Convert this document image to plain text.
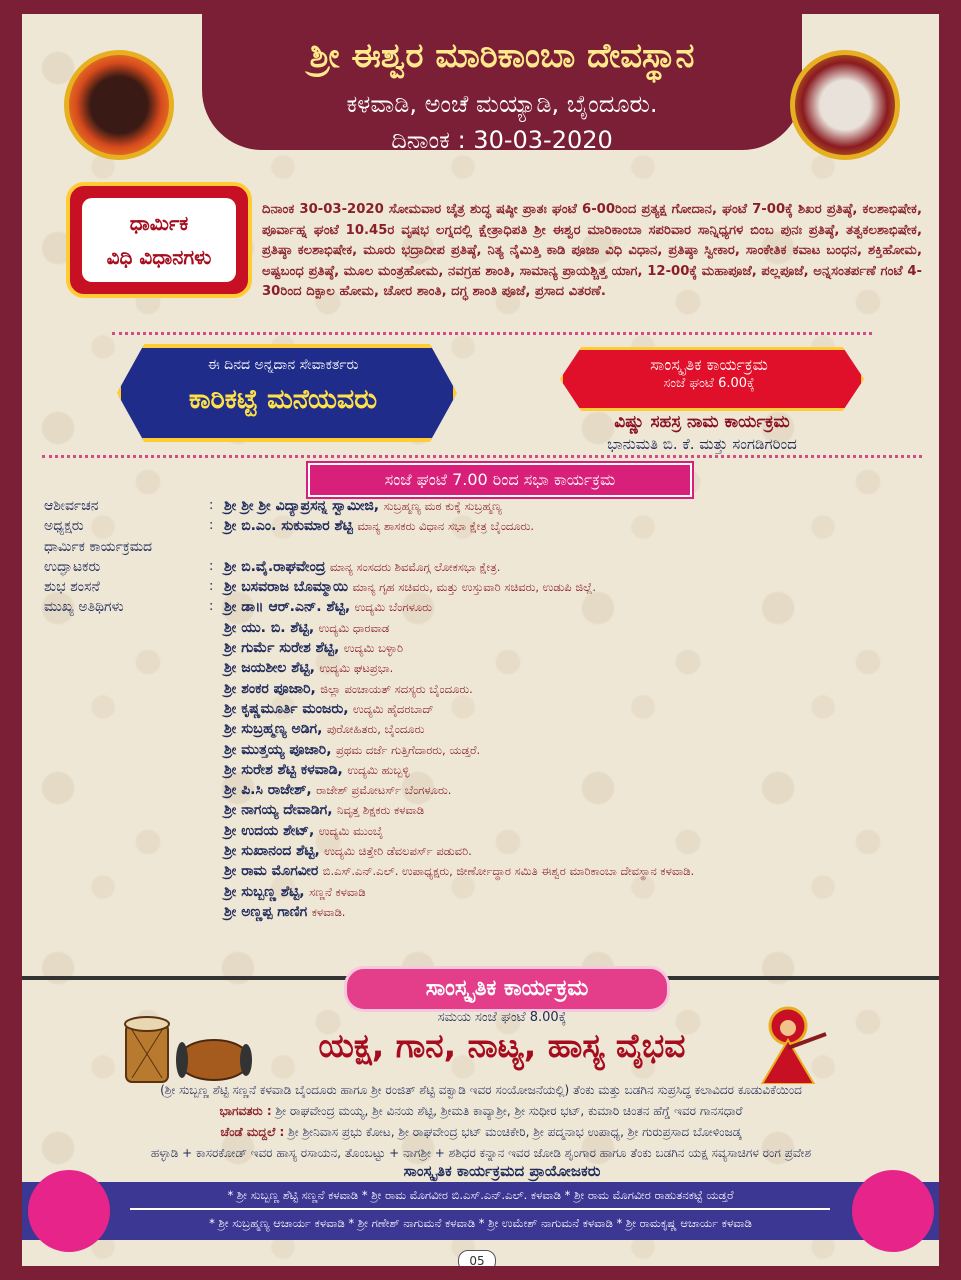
ಶ್ರೀ ಈಶ್ವರ ಮಾರಿಕಾಂಬಾ ದೇವಸ್ಥಾನ
ಕಳವಾಡಿ, ಅಂಚೆ ಮಯ್ಯಾಡಿ, ಬೈಂದೂರು.
ದಿನಾಂಕ : 30-03-2020
ಧಾರ್ಮಿಕ
ವಿಧಿ ವಿಧಾನಗಳು
ದಿನಾಂಕ 30-03-2020 ಸೋಮವಾರ ಚೈತ್ರ ಶುದ್ಧ ಷಷ್ಠೀ ಪ್ರಾತಃ ಘಂಟೆ 6-00ರಿಂದ ಪ್ರತ್ಯಕ್ಷ ಗೋದಾನ, ಘಂಟೆ 7-00ಕ್ಕೆ ಶಿಖರ ಪ್ರತಿಷ್ಠೆ, ಕಲಶಾಭಿಷೇಕ, ಪೂರ್ವಾಹ್ನ ಘಂಟೆ 10.45ರ ವೃಷಭ ಲಗ್ನದಲ್ಲಿ ಕ್ಷೇತ್ರಾಧಿಪತಿ ಶ್ರೀ ಈಶ್ವರ ಮಾರಿಕಾಂಬಾ ಸಪರಿವಾರ ಸಾನ್ನಿಧ್ಯಗಳ ಬಿಂಬ ಪುನಃ ಪ್ರತಿಷ್ಠೆ, ತತ್ವಕಲಶಾಭಿಷೇಕ, ಪ್ರತಿಷ್ಠಾ ಕಲಶಾಭಿಷೇಕ, ಮೂರು ಭದ್ರಾದೀಪ ಪ್ರತಿಷ್ಠೆ, ನಿತ್ಯ ನೈಮಿತ್ತಿ ಕಾಡಿ ಪೂಜಾ ವಿಧಿ ವಿಧಾನ, ಪ್ರತಿಷ್ಠಾ ಸ್ವೀಕಾರ, ಸಾಂಕೇತಿಕ ಕವಾಟ ಬಂಧನ, ಶಕ್ತಿಹೋಮ, ಅಷ್ಟಬಂಧ ಪ್ರತಿಷ್ಠೆ, ಮೂಲ ಮಂತ್ರಹೋಮ, ನವಗ್ರಹ ಶಾಂತಿ, ಸಾಮಾನ್ಯ ಪ್ರಾಯಶ್ಚಿತ್ತ ಯಾಗ, 12-00ಕ್ಕೆ ಮಹಾಪೂಜೆ, ಪಲ್ಲಪೂಜೆ, ಅನ್ನಸಂತರ್ಪಣೆ ಗಂಟೆ 4-30ರಿಂದ ದಿಕ್ಪಾಲ ಹೋಮ, ಚೋರ ಶಾಂತಿ, ದಗ್ಧ ಶಾಂತಿ ಪೂಜೆ, ಪ್ರಸಾದ ವಿತರಣೆ.
ಈ ದಿನದ ಅನ್ನದಾನ ಸೇವಾಕರ್ತರು
ಕಾರಿಕಟ್ಟೆ ಮನೆಯವರು
ಸಾಂಸ್ಕೃತಿಕ ಕಾರ್ಯಕ್ರಮ
ಸಂಜೆ ಘಂಟೆ 6.00ಕ್ಕೆ
ವಿಷ್ಣು ಸಹಸ್ರ ನಾಮ ಕಾರ್ಯಕ್ರಮ
ಭಾನುಮತಿ ಬಿ. ಕೆ. ಮತ್ತು ಸಂಗಡಿಗರಿಂದ
ಸಂಜೆ ಘಂಟೆ 7.00 ರಿಂದ ಸಭಾ ಕಾರ್ಯಕ್ರಮ
ಆಶೀರ್ವಚನ	: ಶ್ರೀ ಶ್ರೀ ಶ್ರೀ ವಿದ್ಯಾಪ್ರಸನ್ನ ಸ್ವಾಮೀಜಿ, ಸುಬ್ರಹ್ಮಣ್ಯ ಮಠ ಕುಕ್ಕೆ ಸುಬ್ರಹ್ಮಣ್ಯ
ಅಧ್ಯಕ್ಷರು	: ಶ್ರೀ ಬಿ.ಎಂ. ಸುಕುಮಾರ ಶೆಟ್ಟಿ ಮಾನ್ಯ ಶಾಸಕರು ವಿಧಾನ ಸಭಾ ಕ್ಷೇತ್ರ ಬೈಂದೂರು.
ಧಾರ್ಮಿಕ ಕಾರ್ಯಕ್ರಮದ
ಉದ್ಘಾಟಕರು	: ಶ್ರೀ ಬಿ.ವೈ.ರಾಘವೇಂದ್ರ ಮಾನ್ಯ ಸಂಸದರು ಶಿವಮೊಗ್ಗ ಲೋಕಸಭಾ ಕ್ಷೇತ್ರ.
ಶುಭ ಶಂಸನೆ	: ಶ್ರೀ ಬಸವರಾಜ ಬೊಮ್ಮಾಯಿ ಮಾನ್ಯ ಗೃಹ ಸಚಿವರು, ಮತ್ತು ಉಸ್ತುವಾರಿ ಸಚಿವರು, ಉಡುಪಿ ಜಿಲ್ಲೆ.
ಮುಖ್ಯ ಅತಿಥಿಗಳು	: ಶ್ರೀ ಡಾ॥ ಆರ್.ಎನ್. ಶೆಟ್ಟಿ, ಉದ್ಯಮಿ ಬೆಂಗಳೂರು
ಶ್ರೀ ಯು. ಬಿ. ಶೆಟ್ಟಿ, ಉದ್ಯಮಿ ಧಾರವಾಡ
ಶ್ರೀ ಗುರ್ಮೆ ಸುರೇಶ ಶೆಟ್ಟಿ, ಉದ್ಯಮಿ ಬಳ್ಳಾರಿ
ಶ್ರೀ ಜಯಶೀಲ ಶೆಟ್ಟಿ, ಉದ್ಯಮಿ ಘಟಪ್ರಭಾ.
ಶ್ರೀ ಶಂಕರ ಪೂಜಾರಿ, ಜಿಲ್ಲಾ ಪಂಚಾಯತ್ ಸದಸ್ಯರು ಬೈಂದೂರು.
ಶ್ರೀ ಕೃಷ್ಣಮೂರ್ತಿ ಮಂಜರು, ಉದ್ಯಮಿ ಹೈದರಬಾದ್
ಶ್ರೀ ಸುಬ್ರಹ್ಮಣ್ಯ ಅಡಿಗ, ಪುರೋಹಿತರು, ಬೈಂದೂರು
ಶ್ರೀ ಮುತ್ತಯ್ಯ ಪೂಜಾರಿ, ಪ್ರಥಮ ದರ್ಜೆ ಗುತ್ತಿಗೆದಾರರು, ಯಡ್ತರೆ.
ಶ್ರೀ ಸುರೇಶ ಶೆಟ್ಟಿ ಕಳವಾಡಿ, ಉದ್ಯಮಿ ಹುಬ್ಬಳ್ಳಿ
ಶ್ರೀ ಪಿ.ಸಿ ರಾಜೇಶ್, ರಾಜೇಶ್ ಪ್ರಮೋಟರ್ಸ್ ಬೆಂಗಳೂರು.
ಶ್ರೀ ನಾಗಯ್ಯ ದೇವಾಡಿಗ, ನಿವೃತ್ತ ಶಿಕ್ಷಕರು ಕಳವಾಡಿ
ಶ್ರೀ ಉದಯ ಶೇಟ್, ಉದ್ಯಮಿ ಮುಂಬೈ
ಶ್ರೀ ಸುಖಾನಂದ ಶೆಟ್ಟಿ, ಉದ್ಯಮಿ ಚಿತ್ತೇರಿ ಡೆವಲಪರ್ಸ್ ಪಡುವರಿ.
ಶ್ರೀ ರಾಮ ಮೊಗವೀರ ಬಿ.ಎಸ್.ಎನ್.ಎಲ್. ಉಪಾಧ್ಯಕ್ಷರು, ಜೀರ್ಣೋದ್ಧಾರ ಸಮಿತಿ ಈಶ್ವರ ಮಾರಿಕಾಂಬಾ ದೇವಸ್ಥಾನ ಕಳವಾಡಿ.
ಶ್ರೀ ಸುಬ್ಬಣ್ಣ ಶೆಟ್ಟಿ, ಸಣ್ಣನೆ ಕಳವಾಡಿ
ಶ್ರೀ ಅಣ್ಣಪ್ಪ ಗಾಣಿಗ ಕಳವಾಡಿ.
ಸಾಂಸ್ಕೃತಿಕ ಕಾರ್ಯಕ್ರಮ
ಸಮಯ ಸಂಜೆ ಘಂಟೆ 8.00ಕ್ಕೆ
ಯಕ್ಷ, ಗಾನ, ನಾಟ್ಯ, ಹಾಸ್ಯ ವೈಭವ
(ಶ್ರೀ ಸುಬ್ಬಣ್ಣ ಶೆಟ್ಟಿ ಸಣ್ಣನೆ ಕಳವಾಡಿ ಬೈಂದೂರು ಹಾಗೂ ಶ್ರೀ ರಂಜಿತ್ ಶೆಟ್ಟಿ ವಕ್ವಾಡಿ ಇವರ ಸಂಯೋಜನೆಯಲ್ಲಿ) ತೆಂಕು ಮತ್ತು ಬಡಗಿನ ಸುಪ್ರಸಿದ್ಧ ಕಲಾವಿದರ ಕೂಡುವಿಕೆಯಿಂದ
ಭಾಗವತರು : ಶ್ರೀ ರಾಘವೇಂದ್ರ ಮಯ್ಯ, ಶ್ರೀ ವಿನಯ ಶೆಟ್ಟಿ, ಶ್ರೀಮತಿ ಕಾವ್ಯಾಶ್ರೀ, ಶ್ರೀ ಸುಧೀರ ಭಟ್, ಕುಮಾರಿ ಚಿಂತನ ಹೆಗ್ಡೆ ಇವರ ಗಾನಸಧಾರೆ
ಚೆಂಡೆ ಮದ್ದಲೆ : ಶ್ರೀ ಶ್ರೀನಿವಾಸ ಪ್ರಭು ಕೋಟ, ಶ್ರೀ ರಾಘವೇಂದ್ರ ಭಟ್ ಮಂಚಿಕೇರಿ, ಶ್ರೀ ಪದ್ಮನಾಭ ಉಪಾಧ್ಯ, ಶ್ರೀ ಗುರುಪ್ರಸಾದ ಬೋಳಿಂಜಡ್ಕ
ಹಳ್ಳಾಡಿ + ಕಾಸರಕೋಡ್ ಇವರ ಹಾಸ್ಯ ರಸಾಯನ, ತೊಂಬಟ್ಟು + ನಾಗಶ್ರೀ + ಶಶಿಧರ ಕನ್ನಾನ ಇವರ ಜೋಡಿ ಶೃಂಗಾರ ಹಾಗೂ ತೆಂಕು ಬಡಗಿನ ಯಕ್ಷ ಸವ್ಯಸಾಚಿಗಳ ರಂಗ ಪ್ರವೇಶ
ಸಾಂಸ್ಕೃತಿಕ ಕಾರ್ಯಕ್ರಮದ ಪ್ರಾಯೋಜಕರು
* ಶ್ರೀ ಸುಬ್ಬಣ್ಣ ಶೆಟ್ಟಿ ಸಣ್ಣನೆ ಕಳವಾಡಿ * ಶ್ರೀ ರಾಮ ಮೊಗವೀರ ಬಿ.ಎಸ್.ಎನ್.ಎಲ್. ಕಳವಾಡಿ * ಶ್ರೀ ರಾಮ ಮೊಗವೀರ ರಾಹುತನಕಟ್ಟೆ ಯಡ್ತರೆ
* ಶ್ರೀ ಸುಬ್ರಹ್ಮಣ್ಯ ಆಚಾರ್ಯ ಕಳವಾಡಿ * ಶ್ರೀ ಗಣೇಶ್ ನಾಗುಮನೆ ಕಳವಾಡಿ * ಶ್ರೀ ಉಮೇಶ್ ನಾಗುಮನೆ ಕಳವಾಡಿ * ಶ್ರೀ ರಾಮಕೃಷ್ಣ ಆಚಾರ್ಯ ಕಳವಾಡಿ
05
